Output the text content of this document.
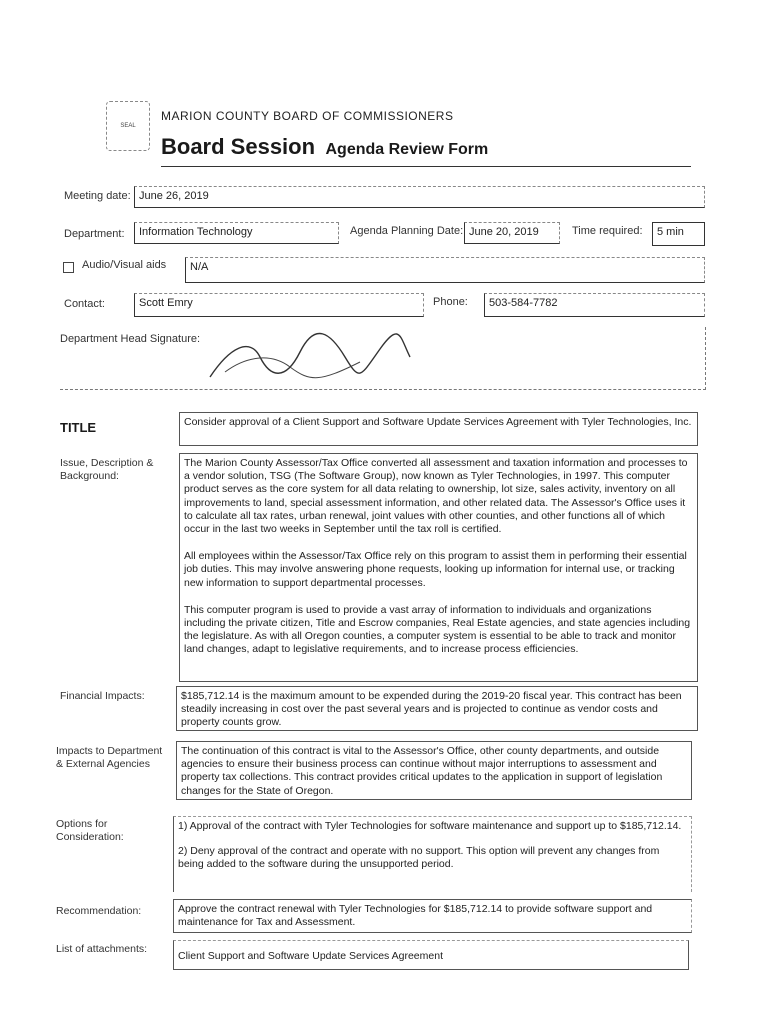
SEAL
MARION COUNTY BOARD OF COMMISSIONERS
Board Session Agenda Review Form
Meeting date: June 26, 2019
Department:	Information Technology	Agenda Planning Date: June 20, 2019	Time required:	5 min
Audio/Visual aids	N/A
Contact:	Scott Emry	Phone:	503-584-7782
Department Head Signature:
TITLE	Consider approval of a Client Support and Software Update Services Agreement with Tyler Technologies, Inc.

Issue, Description &
Background:

The Marion County Assessor/Tax Office converted all assessment and taxation information and processes to a vendor solution, TSG (The Software Group), now known as Tyler Technologies, in 1997. This computer product serves as the core system for all data relating to ownership, lot size, sales activity, inventory on all improvements to land, special assessment information, and other related data. The Assessor's Office uses it to calculate all tax rates, urban renewal, joint values with other counties, and other functions all of which occur in the last two weeks in September until the tax roll is certified.

All employees within the Assessor/Tax Office rely on this program to assist them in performing their essential job duties. This may involve answering phone requests, looking up information for internal use, or tracking new information to support departmental processes.

This computer program is used to provide a vast array of information to individuals and organizations including the private citizen, Title and Escrow companies, Real Estate agencies, and state agencies including the legislature. As with all Oregon counties, a computer system is essential to be able to track and monitor land changes, adapt to legislative requirements, and to increase process efficiencies.

Financial Impacts:	$185,712.14 is the maximum amount to be expended during the 2019-20 fiscal year. This contract has been steadily increasing in cost over the past several years and is projected to continue as vendor costs and property counts grow.

Impacts to Department
& External Agencies

The continuation of this contract is vital to the Assessor's Office, other county departments, and outside agencies to ensure their business process can continue without major interruptions to assessment and property tax collections. This contract provides critical updates to the application in support of legislation changes for the State of Oregon.

Options for
Consideration:

1) Approval of the contract with Tyler Technologies for software maintenance and support up to $185,712.14.

2) Deny approval of the contract and operate with no support. This option will prevent any changes from being added to the software during the unsupported period.

Recommendation:	Approve the contract renewal with Tyler Technologies for $185,712.14 to provide software support and maintenance for Tax and Assessment.

List of attachments:

Client Support and Software Update Services Agreement
